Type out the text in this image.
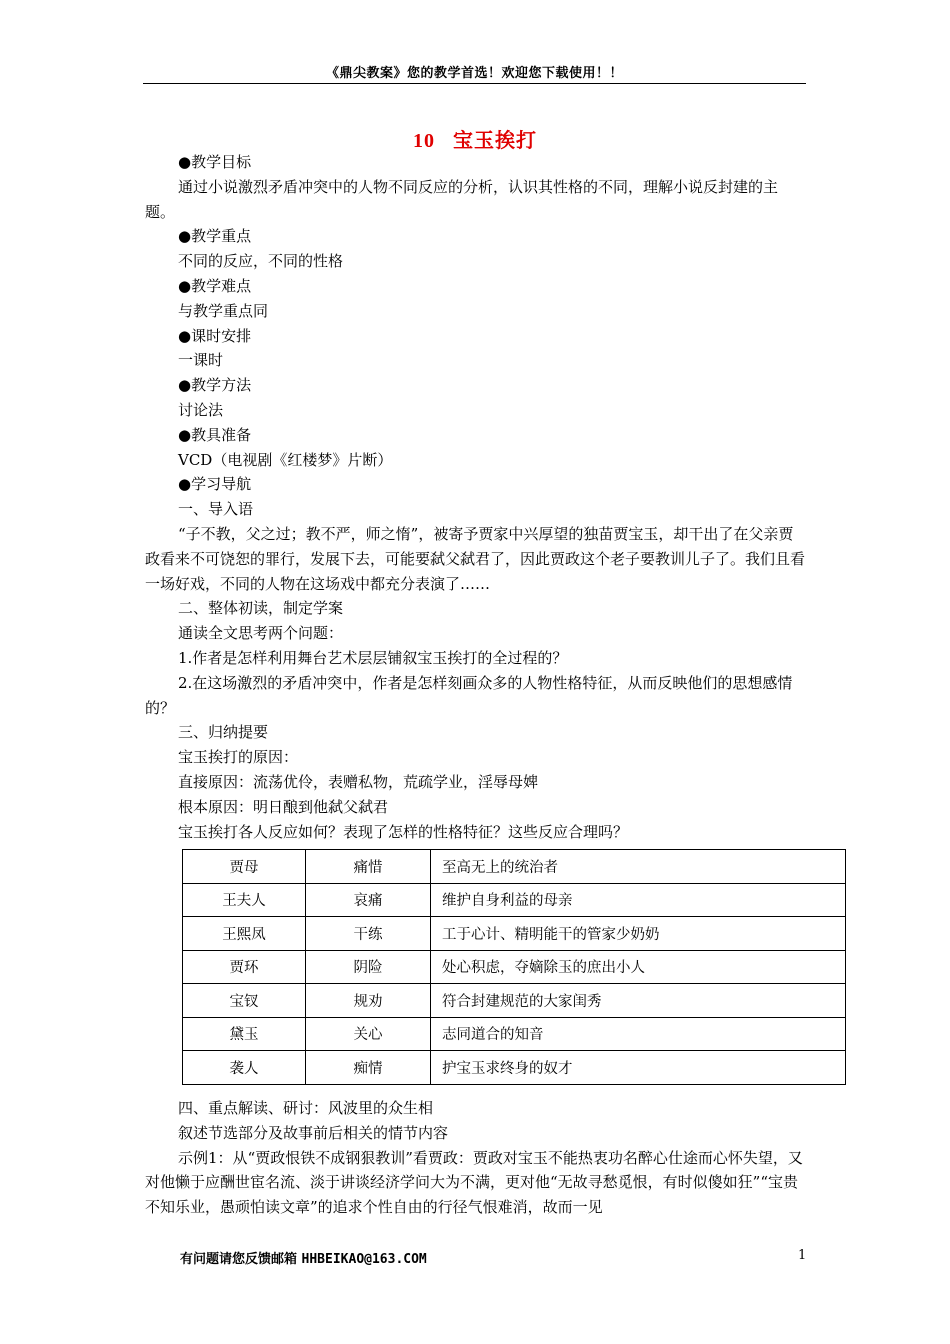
《鼎尖教案》您的教学首选！欢迎您下载使用！！
10 宝玉挨打

●教学目标

通过小说激烈矛盾冲突中的人物不同反应的分析，认识其性格的不同，理解小说反封建的主题。

●教学重点

不同的反应，不同的性格

●教学难点

与教学重点同

●课时安排

一课时

●教学方法

讨论法

●教具准备

VCD（电视剧《红楼梦》片断）

●学习导航

一、导入语

“子不教，父之过；教不严，师之惰”，被寄予贾家中兴厚望的独苗贾宝玉，却干出了在父亲贾政看来不可饶恕的罪行，发展下去，可能要弑父弑君了，因此贾政这个老子要教训儿子了。我们且看一场好戏，不同的人物在这场戏中都充分表演了……

二、整体初读，制定学案

通读全文思考两个问题：

1.作者是怎样利用舞台艺术层层铺叙宝玉挨打的全过程的？

2.在这场激烈的矛盾冲突中，作者是怎样刻画众多的人物性格特征，从而反映他们的思想感情的？

三、归纳提要

宝玉挨打的原因：

直接原因：流荡优伶，表赠私物，荒疏学业，淫辱母婢

根本原因：明日酿到他弑父弑君

宝玉挨打各人反应如何？表现了怎样的性格特征？这些反应合理吗？

贾母	痛惜	至高无上的统治者
王夫人	哀痛	维护自身利益的母亲
王熙凤	干练	工于心计、精明能干的管家少奶奶
贾环	阴险	处心积虑，夺嫡除玉的庶出小人
宝钗	规劝	符合封建规范的大家闺秀
黛玉	关心	志同道合的知音
袭人	痴情	护宝玉求终身的奴才

四、重点解读、研讨：风波里的众生相

叙述节选部分及故事前后相关的情节内容

示例1：从“贾政恨铁不成钢狠教训”看贾政：贾政对宝玉不能热衷功名醉心仕途而心怀失望，又对他懒于应酬世宦名流、淡于讲谈经济学问大为不满，更对他“无故寻愁觅恨，有时似傻如狂”“宝贵不知乐业，愚顽怕读文章”的追求个性自由的行径气恨难消，故而一见

有问题请您反馈邮箱 HHBEIKAO@163.COM	1
